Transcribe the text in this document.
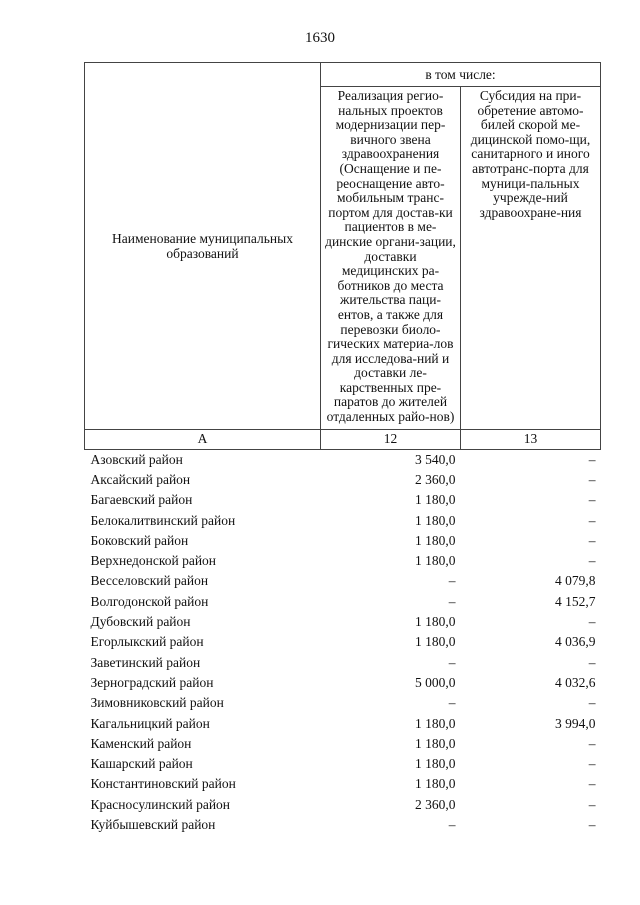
1630
Наименование муниципальных образований	в том числе:	
	Реализация регио-нальных проектов модернизации пер-вичного звена здравоохранения (Оснащение и пе-реоснащение авто-мобильным транс-портом для достав-ки пациентов в ме-динские органи-зации, доставки медицинских ра-ботников до места жительства паци-ентов, а также для перевозки биоло-гических материа-лов для исследова-ний и доставки ле-карственных пре-паратов до жителей отдаленных райо-нов)	Субсидия на при-обретение автомо-билей скорой ме-дицинской помо-щи, санитарного и иного автотранс-порта для муници-пальных учрежде-ний здравоохране-ния
А	12	13
Азовский район	3 540,0	–
Аксайский район	2 360,0	–
Багаевский район	1 180,0	–
Белокалитвинский район	1 180,0	–
Боковский район	1 180,0	–
Верхнедонской район	1 180,0	–
Весселовский район	–	4 079,8
Волгодонской район	–	4 152,7
Дубовский район	1 180,0	–
Егорлыкский район	1 180,0	4 036,9
Заветинский район	–	–
Зерноградский район	5 000,0	4 032,6
Зимовниковский район	–	–
Кагальницкий район	1 180,0	3 994,0
Каменский район	1 180,0	–
Кашарский район	1 180,0	–
Константиновский район	1 180,0	–
Красносулинский район	2 360,0	–
Куйбышевский район	–	–
